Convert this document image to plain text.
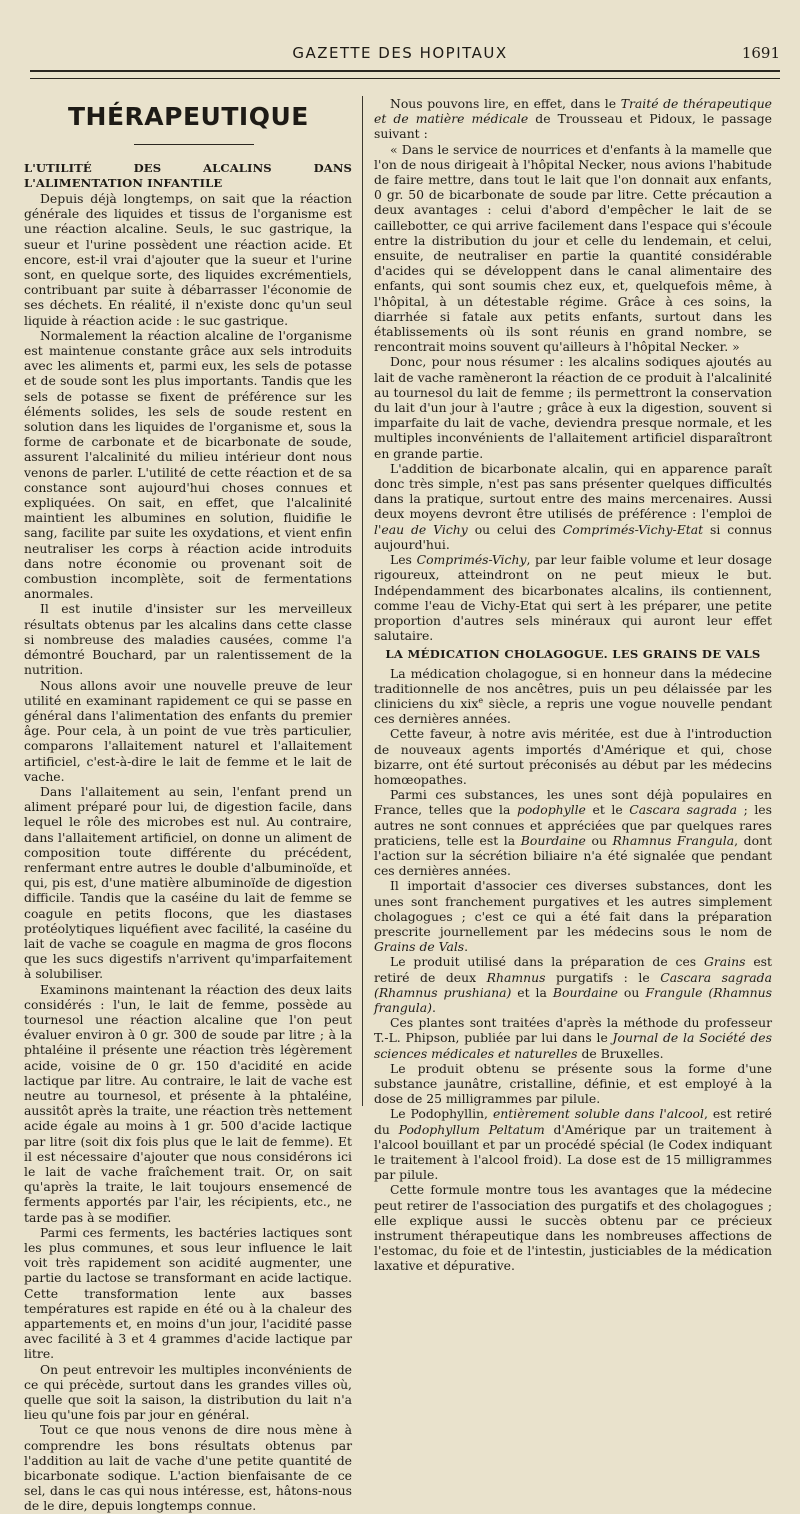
GAZETTE DES HOPITAUX	1691
THÉRAPEUTIQUE

L'UTILITÉ DES ALCALINS DANS L'ALIMENTATION INFANTILE

Depuis déjà longtemps, on sait que la réaction générale des liquides et tissus de l'organisme est une réaction alcaline. Seuls, le suc gastrique, la sueur et l'urine possèdent une réaction acide. Et encore, est-il vrai d'ajouter que la sueur et l'urine sont, en quelque sorte, des liquides excrémentiels, contribuant par suite à débarrasser l'économie de ses déchets. En réalité, il n'existe donc qu'un seul liquide à réaction acide : le suc gastrique.

Normalement la réaction alcaline de l'organisme est maintenue constante grâce aux sels introduits avec les aliments et, parmi eux, les sels de potasse et de soude sont les plus importants. Tandis que les sels de potasse se fixent de préférence sur les éléments solides, les sels de soude restent en solution dans les liquides de l'organisme et, sous la forme de carbonate et de bicarbonate de soude, assurent l'alcalinité du milieu intérieur dont nous venons de parler. L'utilité de cette réaction et de sa constance sont aujourd'hui choses connues et expliquées. On sait, en effet, que l'alcalinité maintient les albumines en solution, fluidifie le sang, facilite par suite les oxydations, et vient enfin neutraliser les corps à réaction acide introduits dans notre économie ou provenant soit de combustion incomplète, soit de fermentations anormales.

Il est inutile d'insister sur les merveilleux résultats obtenus par les alcalins dans cette classe si nombreuse des maladies causées, comme l'a démontré Bouchard, par un ralentissement de la nutrition.

Nous allons avoir une nouvelle preuve de leur utilité en examinant rapidement ce qui se passe en général dans l'alimentation des enfants du premier âge. Pour cela, à un point de vue très particulier, comparons l'allaitement naturel et l'allaitement artificiel, c'est-à-dire le lait de femme et le lait de vache.

Dans l'allaitement au sein, l'enfant prend un aliment préparé pour lui, de digestion facile, dans lequel le rôle des microbes est nul. Au contraire, dans l'allaitement artificiel, on donne un aliment de composition toute différente du précédent, renfermant entre autres le double d'albuminoïde, et qui, pis est, d'une matière albuminoïde de digestion difficile. Tandis que la caséine du lait de femme se coagule en petits flocons, que les diastases protéolytiques liquéfient avec facilité, la caséine du lait de vache se coagule en magma de gros flocons que les sucs digestifs n'arrivent qu'imparfaitement à solubiliser.

Examinons maintenant la réaction des deux laits considérés : l'un, le lait de femme, possède au tournesol une réaction alcaline que l'on peut évaluer environ à 0 gr. 300 de soude par litre ; à la phtaléine il présente une réaction très légèrement acide, voisine de 0 gr. 150 d'acidité en acide lactique par litre. Au contraire, le lait de vache est neutre au tournesol, et présente à la phtaléine, aussitôt après la traite, une réaction très nettement acide égale au moins à 1 gr. 500 d'acide lactique par litre (soit dix fois plus que le lait de femme). Et il est nécessaire d'ajouter que nous considérons ici le lait de vache fraîchement trait. Or, on sait qu'après la traite, le lait toujours ensemencé de ferments apportés par l'air, les récipients, etc., ne tarde pas à se modifier.

Parmi ces ferments, les bactéries lactiques sont les plus communes, et sous leur influence le lait voit très rapidement son acidité augmenter, une partie du lactose se transformant en acide lactique. Cette transformation lente aux basses températures est rapide en été ou à la chaleur des appartements et, en moins d'un jour, l'acidité passe avec facilité à 3 et 4 grammes d'acide lactique par litre.

On peut entrevoir les multiples inconvénients de ce qui précède, surtout dans les grandes villes où, quelle que soit la saison, la distribution du lait n'a lieu qu'une fois par jour en général.

Tout ce que nous venons de dire nous mène à comprendre les bons résultats obtenus par l'addition au lait de vache d'une petite quantité de bicarbonate sodique. L'action bienfaisante de ce sel, dans le cas qui nous intéresse, est, hâtons-nous de le dire, depuis longtemps connue.

Nous pouvons lire, en effet, dans le Traité de thérapeutique et de matière médicale de Trousseau et Pidoux, le passage suivant :

« Dans le service de nourrices et d'enfants à la mamelle que l'on de nous dirigeait à l'hôpital Necker, nous avions l'habitude de faire mettre, dans tout le lait que l'on donnait aux enfants, 0 gr. 50 de bicarbonate de soude par litre. Cette précaution a deux avantages : celui d'abord d'empêcher le lait de se caillebotter, ce qui arrive facilement dans l'espace qui s'écoule entre la distribution du jour et celle du lendemain, et celui, ensuite, de neutraliser en partie la quantité considérable d'acides qui se développent dans le canal alimentaire des enfants, qui sont soumis chez eux, et, quelquefois même, à l'hôpital, à un détestable régime. Grâce à ces soins, la diarrhée si fatale aux petits enfants, surtout dans les établissements où ils sont réunis en grand nombre, se rencontrait moins souvent qu'ailleurs à l'hôpital Necker. »

Donc, pour nous résumer : les alcalins sodiques ajoutés au lait de vache ramèneront la réaction de ce produit à l'alcalinité au tournesol du lait de femme ; ils permettront la conservation du lait d'un jour à l'autre ; grâce à eux la digestion, souvent si imparfaite du lait de vache, deviendra presque normale, et les multiples inconvénients de l'allaitement artificiel disparaîtront en grande partie.

L'addition de bicarbonate alcalin, qui en apparence paraît donc très simple, n'est pas sans présenter quelques difficultés dans la pratique, surtout entre des mains mercenaires. Aussi deux moyens devront être utilisés de préférence : l'emploi de l'eau de Vichy ou celui des Comprimés-Vichy-Etat si connus aujourd'hui.

Les Comprimés-Vichy, par leur faible volume et leur dosage rigoureux, atteindront on ne peut mieux le but. Indépendamment des bicarbonates alcalins, ils contiennent, comme l'eau de Vichy-Etat qui sert à les préparer, une petite proportion d'autres sels minéraux qui auront leur effet salutaire.

LA MÉDICATION CHOLAGOGUE. LES GRAINS DE VALS

La médication cholagogue, si en honneur dans la médecine traditionnelle de nos ancêtres, puis un peu délaissée par les cliniciens du xix$^e$ siècle, a repris une vogue nouvelle pendant ces dernières années.

Cette faveur, à notre avis méritée, est due à l'introduction de nouveaux agents importés d'Amérique et qui, chose bizarre, ont été surtout préconisés au début par les médecins homœopathes.

Parmi ces substances, les unes sont déjà populaires en France, telles que la podophylle et le Cascara sagrada ; les autres ne sont connues et appréciées que par quelques rares praticiens, telle est la Bourdaine ou Rhamnus Frangula, dont l'action sur la sécrétion biliaire n'a été signalée que pendant ces dernières années.

Il importait d'associer ces diverses substances, dont les unes sont franchement purgatives et les autres simplement cholagogues ; c'est ce qui a été fait dans la préparation prescrite journellement par les médecins sous le nom de Grains de Vals.

Le produit utilisé dans la préparation de ces Grains est retiré de deux Rhamnus purgatifs : le Cascara sagrada (Rhamnus prushiana) et la Bourdaine ou Frangule (Rhamnus frangula).

Ces plantes sont traitées d'après la méthode du professeur T.-L. Phipson, publiée par lui dans le Journal de la Société des sciences médicales et naturelles de Bruxelles.

Le produit obtenu se présente sous la forme d'une substance jaunâtre, cristalline, définie, et est employé à la dose de 25 milligrammes par pilule.

Le Podophyllin, entièrement soluble dans l'alcool, est retiré du Podophyllum Peltatum d'Amérique par un traitement à l'alcool bouillant et par un procédé spécial (le Codex indiquant le traitement à l'alcool froid). La dose est de 15 milligrammes par pilule.

Cette formule montre tous les avantages que la médecine peut retirer de l'association des purgatifs et des cholagogues ; elle explique aussi le succès obtenu par ce précieux instrument thérapeutique dans les nombreuses affections de l'estomac, du foie et de l'intestin, justiciables de la médication laxative et dépurative.
